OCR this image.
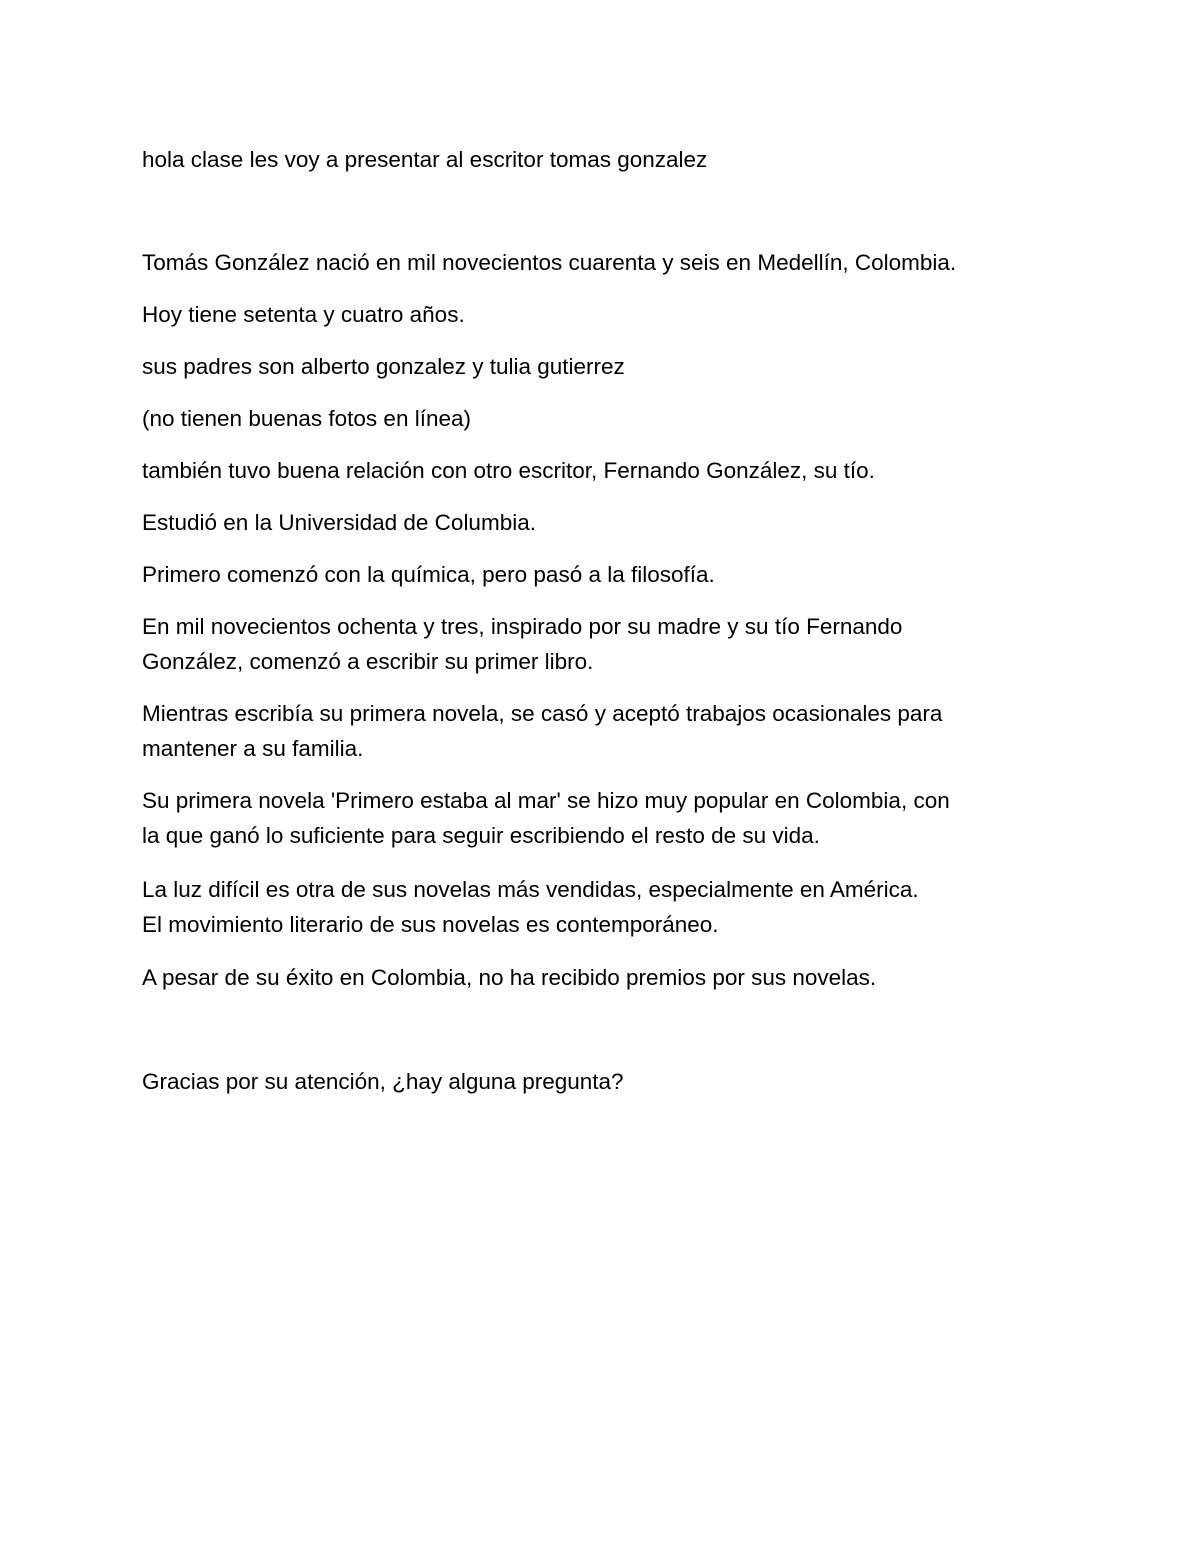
hola clase les voy a presentar al escritor tomas gonzalez

Tomás González nació en mil novecientos cuarenta y seis en Medellín, Colombia.

Hoy tiene setenta y cuatro años.

sus padres son alberto gonzalez y tulia gutierrez

(no tienen buenas fotos en línea)

también tuvo buena relación con otro escritor, Fernando González, su tío.

Estudió en la Universidad de Columbia.

Primero comenzó con la química, pero pasó a la filosofía.

En mil novecientos ochenta y tres, inspirado por su madre y su tío Fernando

González, comenzó a escribir su primer libro.

Mientras escribía su primera novela, se casó y aceptó trabajos ocasionales para

mantener a su familia.

Su primera novela 'Primero estaba al mar' se hizo muy popular en Colombia, con

la que ganó lo suficiente para seguir escribiendo el resto de su vida.

La luz difícil es otra de sus novelas más vendidas, especialmente en América.

El movimiento literario de sus novelas es contemporáneo.

A pesar de su éxito en Colombia, no ha recibido premios por sus novelas.

Gracias por su atención, ¿hay alguna pregunta?
